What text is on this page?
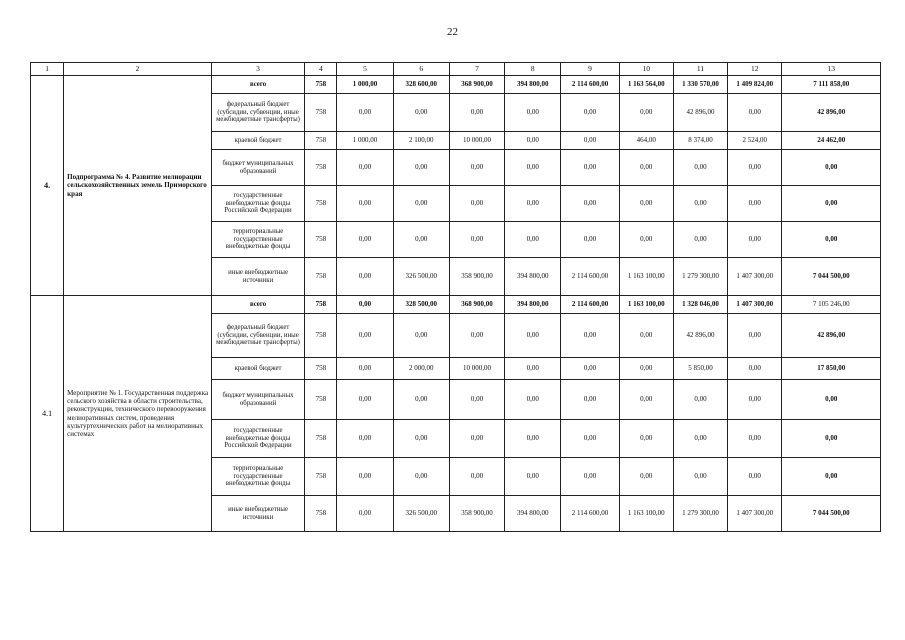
22
1	2	3	4	5	6	7	8	9	10	11	12	13
4.	Подпрограмма № 4. Развитие мелиорации сельскохозяйственных земель Приморского края	всего	758	1 000,00	328 600,00	368 900,00	394 800,00	2 114 600,00	1 163 564,00	1 330 570,00	1 409 824,00	7 111 858,00
		федеральный бюджет (субсидии, субвенции, иные межбюджетные трансферты)	758	0,00	0,00	0,00	0,00	0,00	0,00	42 896,00	0,00	42 896,00
		краевой бюджет	758	1 000,00	2 100,00	10 000,00	0,00	0,00	464,00	8 374,00	2 524,00	24 462,00
		бюджет муниципальных образований	758	0,00	0,00	0,00	0,00	0,00	0,00	0,00	0,00	0,00
		государственные внебюджетные фонды Российской Федерации	758	0,00	0,00	0,00	0,00	0,00	0,00	0,00	0,00	0,00
		территориальные государственные внебюджетные фонды	758	0,00	0,00	0,00	0,00	0,00	0,00	0,00	0,00	0,00
		иные внебюджетные источники	758	0,00	326 500,00	358 900,00	394 800,00	2 114 600,00	1 163 100,00	1 279 300,00	1 407 300,00	7 044 500,00
4.1	Мероприятие № 1. Государственная поддержка сельского хозяйства в области строительства, реконструкции, технического перевооружения мелиоративных систем, проведения культуртехнических работ на мелиоративных системах	всего	758	0,00	328 500,00	368 900,00	394 800,00	2 114 600,00	1 163 100,00	1 328 046,00	1 407 300,00	7 105 246,00
		федеральный бюджет (субсидии, субвенции, иные межбюджетные трансферты)	758	0,00	0,00	0,00	0,00	0,00	0,00	42 896,00	0,00	42 896,00
		краевой бюджет	758	0,00	2 000,00	10 000,00	0,00	0,00	0,00	5 850,00	0,00	17 850,00
		бюджет муниципальных образований	758	0,00	0,00	0,00	0,00	0,00	0,00	0,00	0,00	0,00
		государственные внебюджетные фонды Российской Федерации	758	0,00	0,00	0,00	0,00	0,00	0,00	0,00	0,00	0,00
		территориальные государственные внебюджетные фонды	758	0,00	0,00	0,00	0,00	0,00	0,00	0,00	0,00	0,00
		иные внебюджетные источники	758	0,00	326 500,00	358 900,00	394 800,00	2 114 600,00	1 163 100,00	1 279 300,00	1 407 300,00	7 044 500,00
